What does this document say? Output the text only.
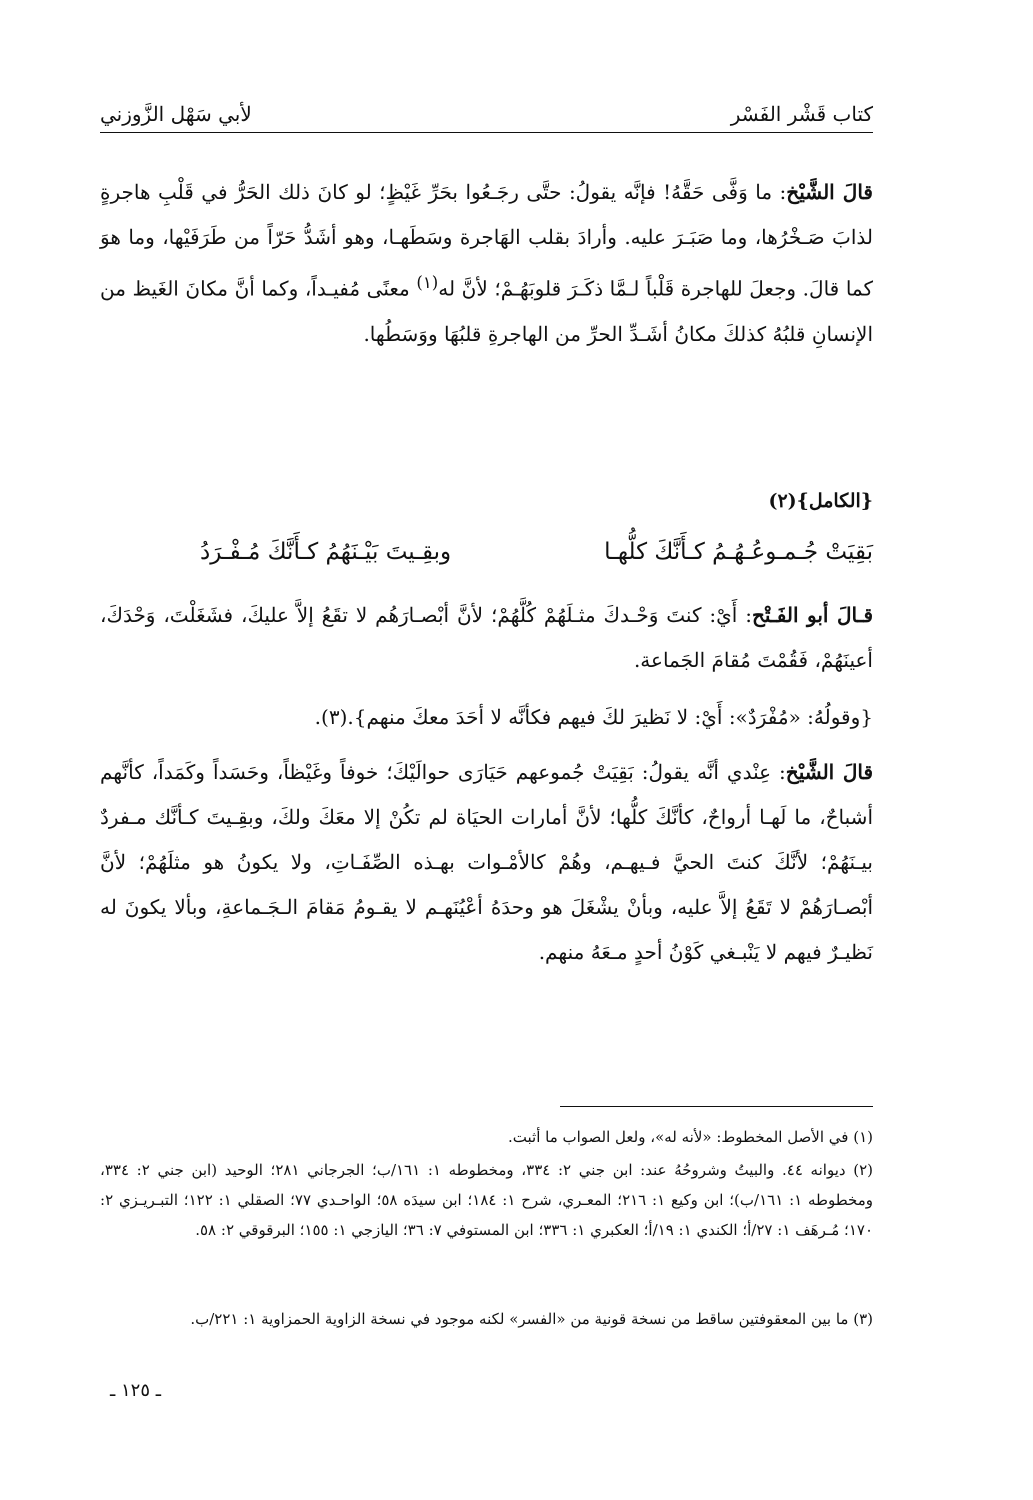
كتاب قَشْر الفَسْر
لأبي سَهْل الزَّوزني
قالَ الشَّيْخ: ما وَفَّى حَقَّهُ! فإنَّه يقولُ: حتَّى رجَـعُوا بحَرِّ غَيْظٍ؛ لو كانَ ذلك الحَرُّ في قَلْبِ هاجرةٍ لذابَ صَـخْرُها، وما صَبَـرَ عليه. وأرادَ بقلب الهَاجرة وسَطَهـا، وهو أشَدُّ حَرّاً من طَرَفَيْها، وما هوَ كما قالَ. وجعلَ للهاجرة قَلْباً لـمَّا ذكَـرَ قلوبَهُـمْ؛ لأنَّ له$^{(١)}$ معنًى مُفيـداً، وكما أنَّ مكانَ الغَيظ من الإنسانِ قلبُهُ كذلكَ مكانُ أشَـدِّ الحرِّ من الهاجرةِ قلبُهَا ووَسَطُها.
{الكامل}(٢)
بَقِيَتْ جُـمـوعُـهُـمُ كـأَنَّكَ كلُّهـا
وبقِـيتَ بَيْـنَهُمُ كـأَنَّكَ مُـفْـرَدُ
قـالَ أبو الفَـتْح: أَيْ: كنتَ وَحْـدكَ مثـلَهُمْ كُلَّهُمْ؛ لأنَّ أبْصـارَهُم لا تقَعُ إلاَّ عليكَ، فشَغَلْتَ، وَحْدَكَ، أعينَهُمْ، فَقُمْتَ مُقامَ الجَماعة.
{وقولُهُ: «مُفْرَدٌ»: أَيْ: لا نَظيرَ لكَ فيهم فكأنَّه لا أحَدَ معكَ منهم}.(٣).
قالَ الشَّيْخ: عِنْدي أنَّه يقولُ: بَقِيَتْ جُموعهم حَيَارَى حوالَيْكَ؛ خوفاً وغَيْظاً، وحَسَداً وكَمَداً، كأنَّهم أشباحٌ، ما لَهـا أرواحٌ، كأنَّكَ كلُّها؛ لأنَّ أمارات الحيَاة لم تكُنْ إلا معَكَ ولكَ، وبقِـيتَ كـأنَّك مـفردٌ بيـنَهُمْ؛ لأنَّكَ كنتَ الحيَّ فـيهـم، وهُمْ كالأمْـوات بهـذه الصِّفَـاتِ، ولا يكونُ هو مثلَهُمْ؛ لأنَّ أبْصـارَهُمْ لا تَقَعُ إلاَّ عليه، وبأنْ يشْغَلَ هو وحدَهُ أعْيُنَهـم لا يقـومُ مَقامَ الـجَـماعةِ، وبألا يكونَ له نَظيـرٌ فيهم لا يَنْبـغي كَوْنُ أحدٍ مـعَهُ منهم.
(١) في الأصل المخطوط: «لأنه له»، ولعل الصواب ما أثبت.
(٢) ديوانه ٤٤. والبيتُ وشروحُهُ عند: ابن جني ٢: ٣٣٤، ومخطوطه ١: ١٦١/ب؛ الجرجاني ٢٨١؛ الوحيد (ابن جني ٢: ٣٣٤، ومخطوطه ١: ١٦١/ب)؛ ابن وكيع ١: ٢١٦؛ المعـري، شرح ١: ١٨٤؛ ابن سيدَه ٥٨؛ الواحـدي ٧٧؛ الصقلي ١: ١٢٢؛ التبـريـزي ٢: ١٧٠؛ مُـرهَف ١: ٢٧/أ؛ الكندي ١: ١٩/أ؛ العكبري ١: ٣٣٦؛ ابن المستوفي ٧: ٣٦؛ اليازجي ١: ١٥٥؛ البرقوقي ٢: ٥٨.
(٣) ما بين المعقوفتين ساقط من نسخة قونية من «الفسر» لكنه موجود في نسخة الزاوية الحمزاوية ١: ٢٢١/ب.
ـ ١٢٥ ـ
